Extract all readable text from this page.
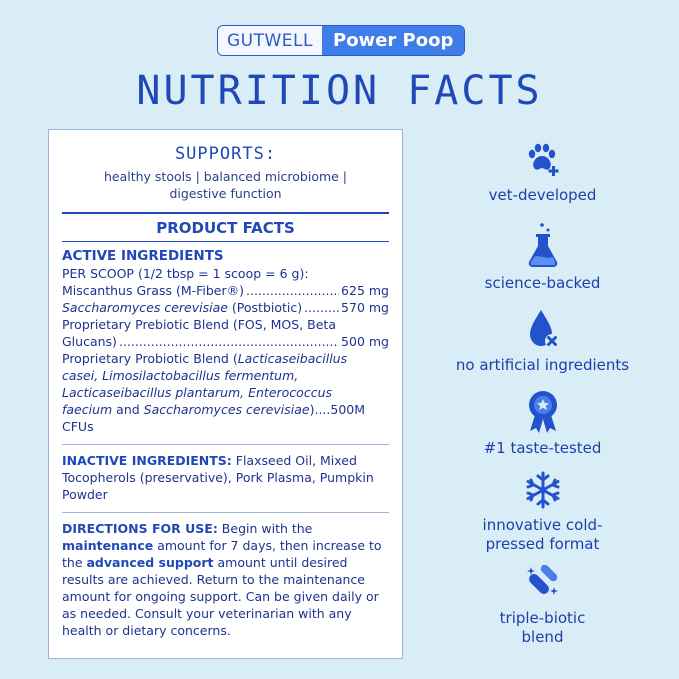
GUTWELL	Power Poop
NUTRITION FACTS
SUPPORTS:
healthy stools | balanced microbiome |
digestive function
PRODUCT FACTS
ACTIVE INGREDIENTS
PER SCOOP (1/2 tbsp = 1 scoop = 6 g):
Miscanthus Grass (M-Fiber®) .....	625 mg
Saccharomyces cerevisiae (Postbiotic) .....	570 mg
Proprietary Prebiotic Blend (FOS, MOS, Beta
Glucans) .....	500 mg
Proprietary Probiotic Blend (Lacticaseibacillus
casei, Limosilactobacillus fermentum,
Lacticaseibacillus plantarum, Enterococcus
faecium and Saccharomyces cerevisiae)....500M CFUs
INACTIVE INGREDIENTS: Flaxseed Oil, Mixed Tocopherols (preservative), Pork Plasma, Pumpkin Powder
DIRECTIONS FOR USE: Begin with the maintenance amount for 7 days, then increase to the advanced support amount until desired results are achieved. Return to the maintenance amount for ongoing support. Can be given daily or as needed. Consult your veterinarian with any health or dietary concerns.
vet-developed
science-backed
no artificial ingredients
#1 taste-tested
innovative cold-
pressed format
triple-biotic
blend
